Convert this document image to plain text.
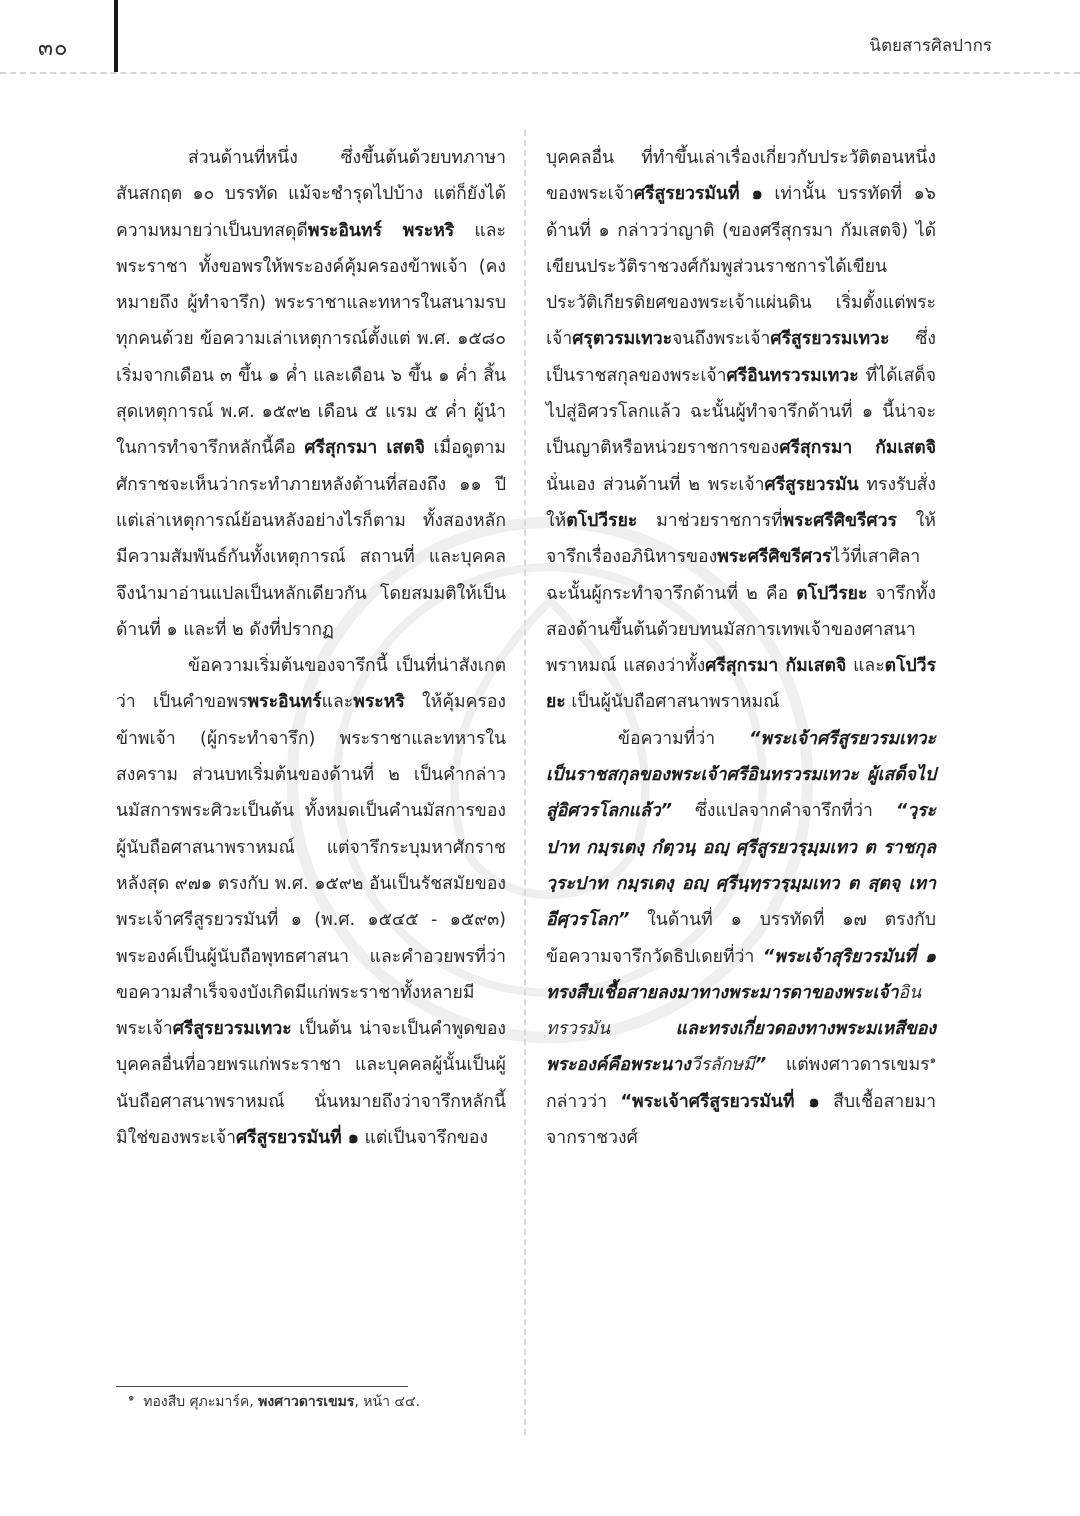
๓๐	นิตยสารศิลปากร

ส่วนด้านที่หนึ่ง ซึ่งขึ้นต้นด้วยบทภาษาสันสกฤต ๑๐ บรรทัด แม้จะชำรุดไปบ้าง แต่ก็ยังได้ความหมายว่าเป็นบทสดุดีพระอินทร์ พระหริ และพระราชา ทั้งขอพรให้พระองค์คุ้มครองข้าพเจ้า (คงหมายถึง ผู้ทำจารึก) พระราชาและทหารในสนามรบทุกคนด้วย ข้อความเล่าเหตุการณ์ตั้งแต่ พ.ศ. ๑๕๘๐ เริ่มจากเดือน ๓ ขึ้น ๑ ค่ำ และเดือน ๖ ขึ้น ๑ ค่ำ สิ้นสุดเหตุการณ์ พ.ศ. ๑๕๙๒ เดือน ๕ แรม ๕ ค่ำ ผู้นำในการทำจารึกหลักนี้คือ ศรีสุกรมา เสตจิ เมื่อดูตามศักราชจะเห็นว่ากระทำภายหลังด้านที่สองถึง ๑๑ ปี แต่เล่าเหตุการณ์ย้อนหลังอย่างไรก็ตาม ทั้งสองหลักมีความสัมพันธ์กันทั้งเหตุการณ์ สถานที่ และบุคคล จึงนำมาอ่านแปลเป็นหลักเดียวกัน โดยสมมติให้เป็นด้านที่ ๑ และที่ ๒ ดังที่ปรากฏ

ข้อความเริ่มต้นของจารึกนี้ เป็นที่น่าสังเกตว่า เป็นคำขอพรพระอินทร์และพระหริ ให้คุ้มครองข้าพเจ้า (ผู้กระทำจารึก) พระราชาและทหารในสงคราม ส่วนบทเริ่มต้นของด้านที่ ๒ เป็นคำกล่าวนมัสการพระศิวะเป็นต้น ทั้งหมดเป็นคำนมัสการของผู้นับถือศาสนาพราหมณ์ แต่จารึกระบุมหาศักราชหลังสุด ๙๗๑ ตรงกับ พ.ศ. ๑๕๙๒ อันเป็นรัชสมัยของพระเจ้าศรีสูรยวรมันที่ ๑ (พ.ศ. ๑๕๔๕ - ๑๕๙๓) พระองค์เป็นผู้นับถือพุทธศาสนา และคำอวยพรที่ว่า ขอความสำเร็จจงบังเกิดมีแก่พระราชาทั้งหลายมีพระเจ้าศรีสูรยวรมเทวะ เป็นต้น น่าจะเป็นคำพูดของบุคคลอื่นที่อวยพรแก่พระราชา และบุคคลผู้นั้นเป็นผู้นับถือศาสนาพราหมณ์ นั่นหมายถึงว่าจารึกหลักนี้ มิใช่ของพระเจ้าศรีสูรยวรมันที่ ๑ แต่เป็นจารึกของ

บุคคลอื่น ที่ทำขึ้นเล่าเรื่องเกี่ยวกับประวัติตอนหนึ่งของพระเจ้าศรีสูรยวรมันที่ ๑ เท่านั้น บรรทัดที่ ๑๖ ด้านที่ ๑ กล่าวว่าญาติ (ของศรีสุกรมา กัมเสตจิ) ได้เขียนประวัติราชวงศ์กัมพูส่วนราชการได้เขียนประวัติเกียรติยศของพระเจ้าแผ่นดิน เริ่มตั้งแต่พระเจ้าศรุตวรมเทวะจนถึงพระเจ้าศรีสูรยวรมเทวะ ซึ่งเป็นราชสกุลของพระเจ้าศรีอินทรวรมเทวะ ที่ได้เสด็จไปสู่อิศวรโลกแล้ว ฉะนั้นผู้ทำจารึกด้านที่ ๑ นี้น่าจะเป็นญาติหรือหน่วยราชการของศรีสุกรมา กัมเสตจิ นั่นเอง ส่วนด้านที่ ๒ พระเจ้าศรีสูรยวรมัน ทรงรับสั่งให้ตโปวีรยะ มาช่วยราชการที่พระศรีศิขรีศวร ให้จารึกเรื่องอภินิหารของพระศรีศิขรีศวรไว้ที่เสาศิลา ฉะนั้นผู้กระทำจารึกด้านที่ ๒ คือ ตโปวีรยะ จารึกทั้งสองด้านขึ้นต้นด้วยบทนมัสการเทพเจ้าของศาสนาพราหมณ์ แสดงว่าทั้งศรีสุกรมา กัมเสตจิ และตโปวีรยะ เป็นผู้นับถือศาสนาพราหมณ์

ข้อความที่ว่า “พระเจ้าศรีสูรยวรมเทวะ เป็นราชสกุลของพระเจ้าศรีอินทรวรมเทวะ ผู้เสด็จไปสู่อิศวรโลกแล้ว” ซึ่งแปลจากคำจารึกที่ว่า “วฺระ ปาท กมฺรเตงฺ กํตฺวนฺ อญฺ ศฺรีสูรยวรฺมฺมเทว ต ราชกุล วฺระปาท กมฺรเตงฺ อญฺ ศฺรีนฺทฺรวรฺมฺมเทว ต สฺตจฺ เทา อีศฺวรโลก” ในด้านที่ ๑ บรรทัดที่ ๑๗ ตรงกับข้อความจารึกวัดธิปเดยที่ว่า “พระเจ้าสุริยวรมันที่ ๑ ทรงสืบเชื้อสายลงมาทางพระมารดาของพระเจ้าอินทรวรมัน และทรงเกี่ยวดองทางพระมเหสีของพระองค์คือพระนางวีรลักษมี” แต่พงศาวดารเขมร$^๑$ กล่าวว่า “พระเจ้าศรีสูรยวรมันที่ ๑ สืบเชื้อสายมาจากราชวงศ์

$^๑$ ทองสืบ ศุภะมาร์ค, พงศาวดารเขมร, หน้า ๔๔.
